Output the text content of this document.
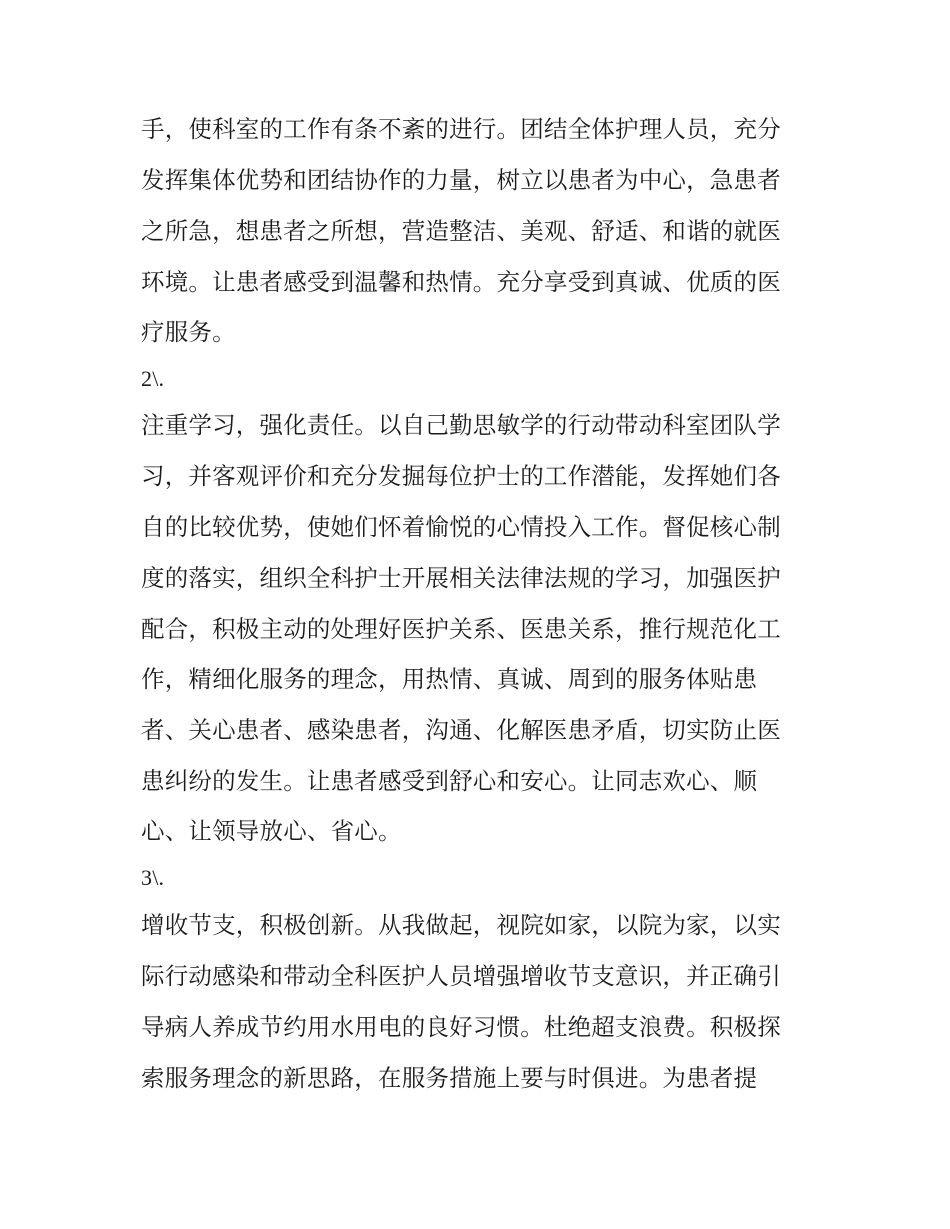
手，使科室的工作有条不紊的进行。团结全体护理人员，充分
发挥集体优势和团结协作的力量，树立以患者为中心，急患者
之所急，想患者之所想，营造整洁、美观、舒适、和谐的就医
环境。让患者感受到温馨和热情。充分享受到真诚、优质的医
疗服务。
2\.
注重学习，强化责任。以自己勤思敏学的行动带动科室团队学
习，并客观评价和充分发掘每位护士的工作潜能，发挥她们各
自的比较优势，使她们怀着愉悦的心情投入工作。督促核心制
度的落实，组织全科护士开展相关法律法规的学习，加强医护
配合，积极主动的处理好医护关系、医患关系，推行规范化工
作，精细化服务的理念，用热情、真诚、周到的服务体贴患
者、关心患者、感染患者，沟通、化解医患矛盾，切实防止医
患纠纷的发生。让患者感受到舒心和安心。让同志欢心、顺
心、让领导放心、省心。
3\.
增收节支，积极创新。从我做起，视院如家，以院为家，以实
际行动感染和带动全科医护人员增强增收节支意识，并正确引
导病人养成节约用水用电的良好习惯。杜绝超支浪费。积极探
索服务理念的新思路，在服务措施上要与时俱进。为患者提
